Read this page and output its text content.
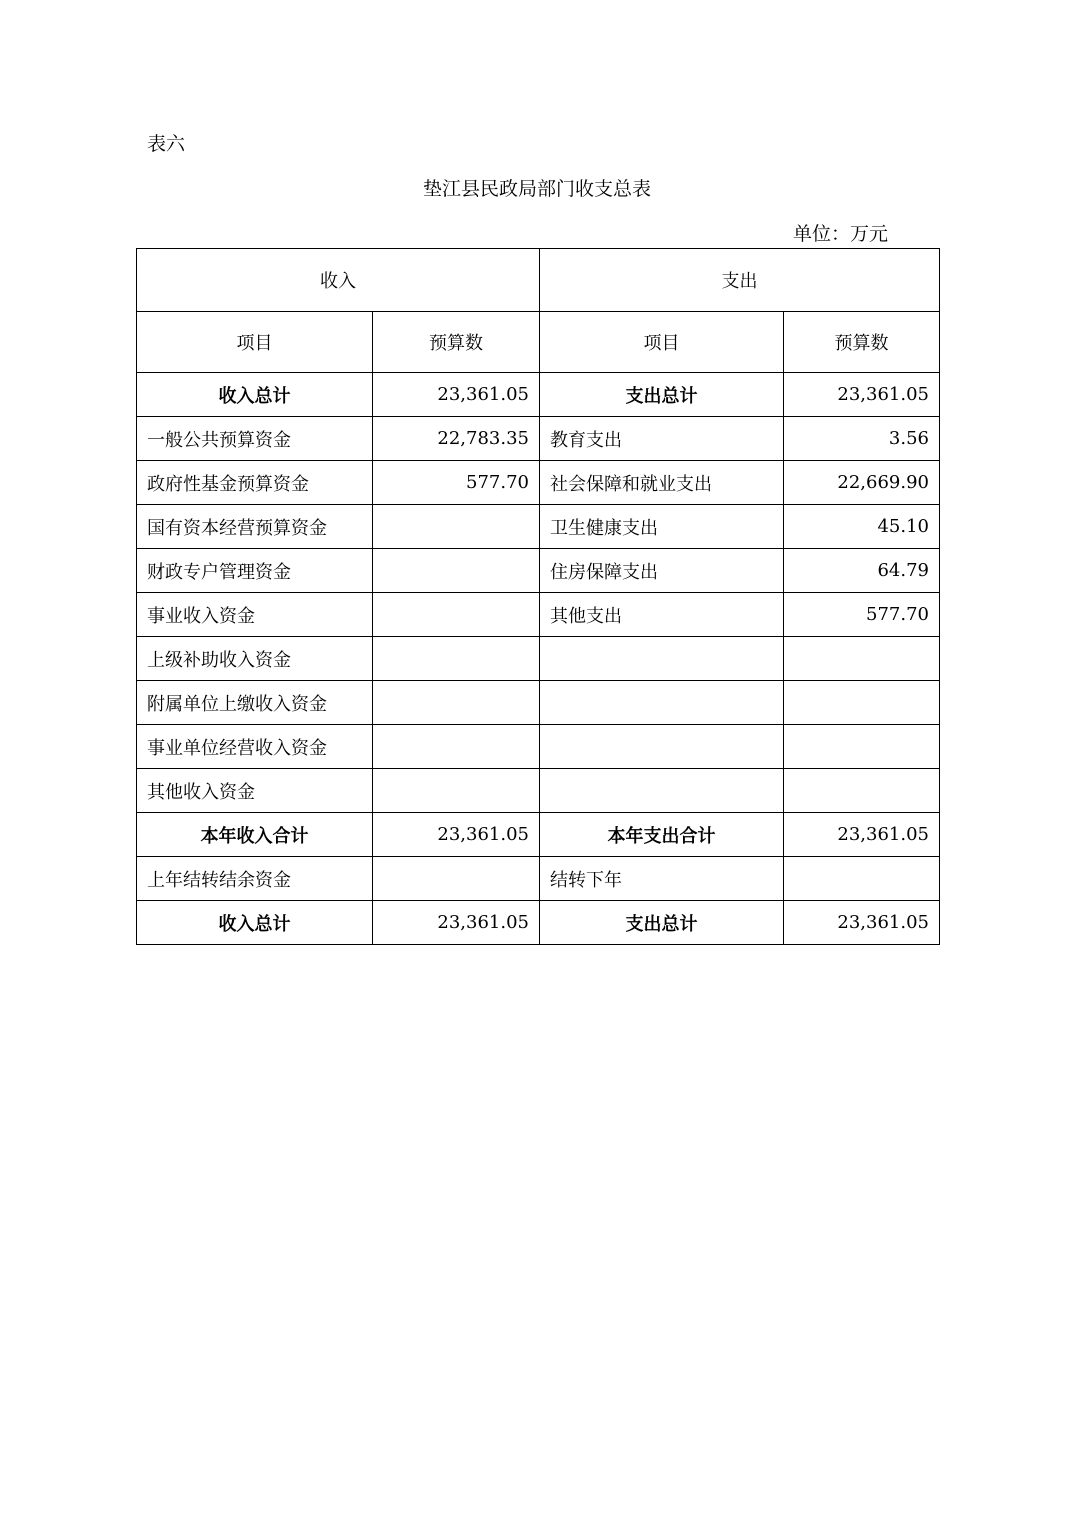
表六
垫江县民政局部门收支总表
单位：万元
收入		支出	
项目	预算数	项目	预算数
收入总计	23,361.05	支出总计	23,361.05
一般公共预算资金	22,783.35	教育支出	3.56
政府性基金预算资金	577.70	社会保障和就业支出	22,669.90
国有资本经营预算资金		卫生健康支出	45.10
财政专户管理资金		住房保障支出	64.79
事业收入资金		其他支出	577.70
上级补助收入资金			
附属单位上缴收入资金			
事业单位经营收入资金			
其他收入资金			
本年收入合计	23,361.05	本年支出合计	23,361.05
上年结转结余资金		结转下年	
收入总计	23,361.05	支出总计	23,361.05
